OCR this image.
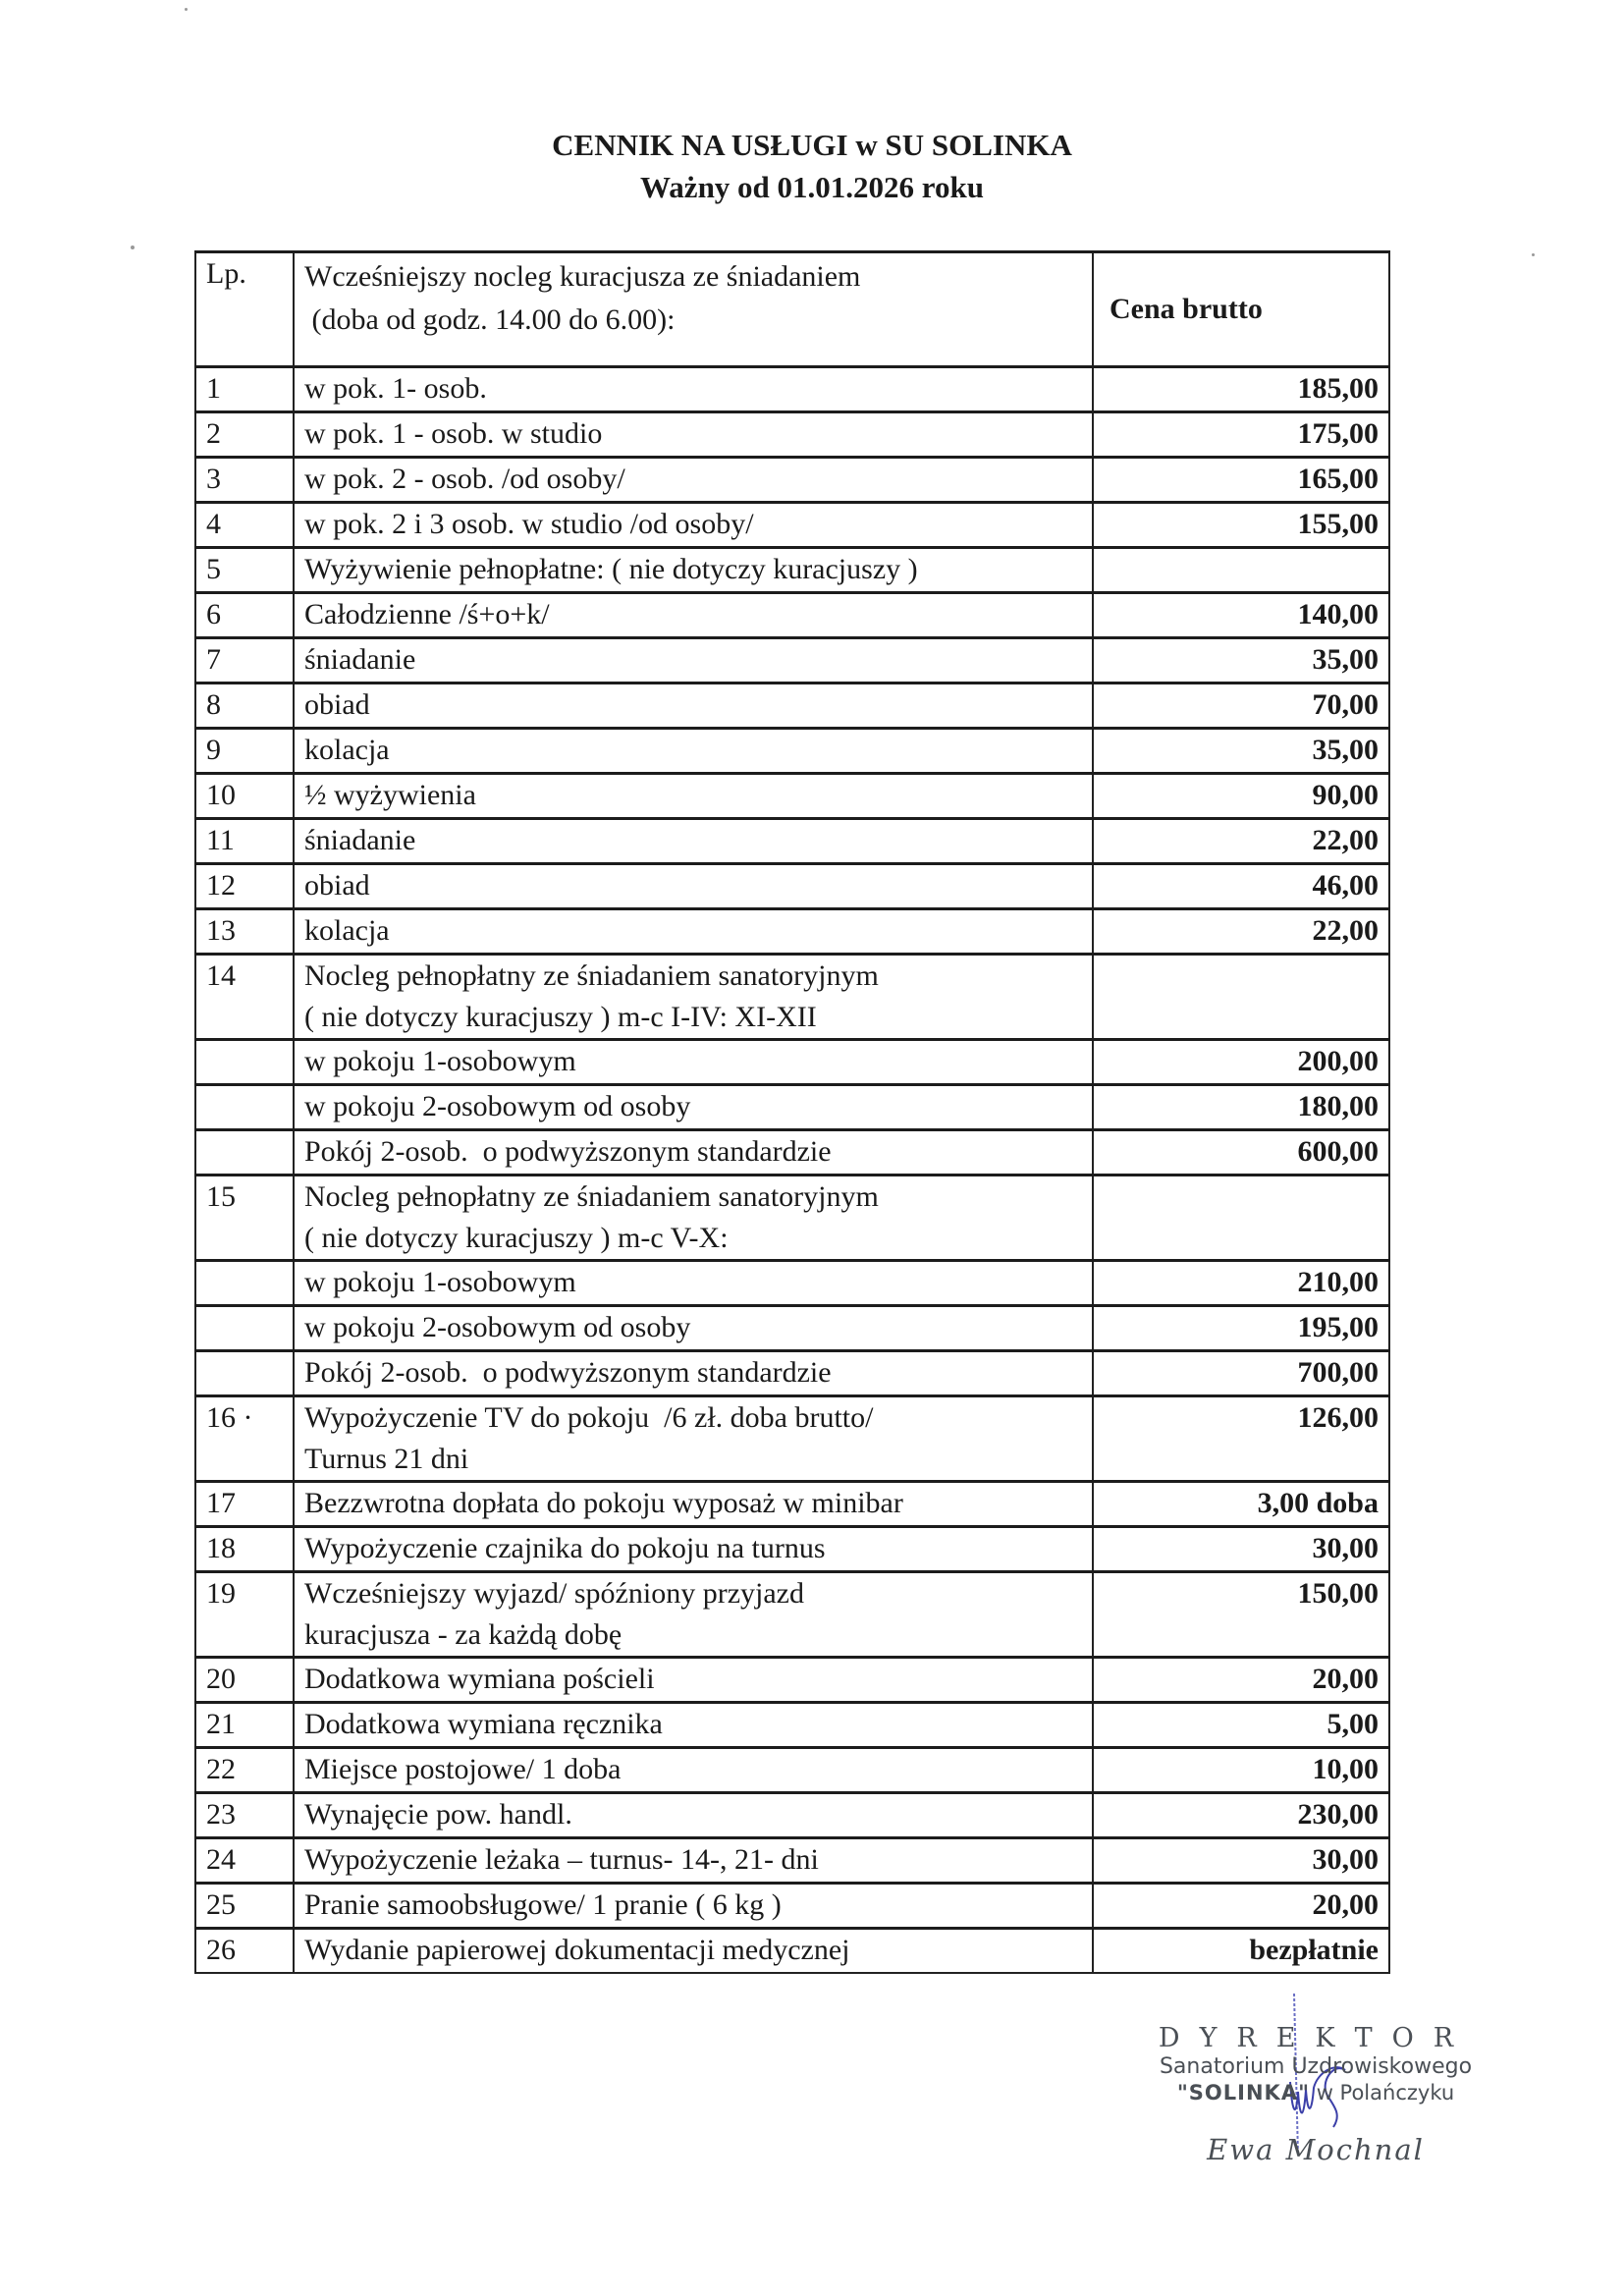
CENNIK NA USŁUGI w SU SOLINKA
Ważny od 01.01.2026 roku
Lp.	Wcześniejszy nocleg kuracjusza ze śniadaniem
(doba od godz. 14.00 do 6.00):	Cena brutto
1	w pok. 1- osob.	185,00
2	w pok. 1 - osob. w studio	175,00
3	w pok. 2 - osob. /od osoby/	165,00
4	w pok. 2 i 3 osob. w studio /od osoby/	155,00
5	Wyżywienie pełnopłatne: ( nie dotyczy kuracjuszy )	

6	Całodzienne /ś+o+k/	140,00
7	śniadanie	35,00
8	obiad	70,00
9	kolacja	35,00
10	½ wyżywienia	90,00
11	śniadanie	22,00
12	obiad	46,00
13	kolacja	22,00
14	Nocleg pełnopłatny ze śniadaniem sanatoryjnym
( nie dotyczy kuracjuszy ) m-c I-IV: XI-XII	

	w pokoju 1-osobowym	200,00

	w pokoju 2-osobowym od osoby	180,00

	Pokój 2-osob.  o podwyższonym standardzie	600,00
15	Nocleg pełnopłatny ze śniadaniem sanatoryjnym
( nie dotyczy kuracjuszy ) m-c V-X:	

	w pokoju 1-osobowym	210,00

	w pokoju 2-osobowym od osoby	195,00

	Pokój 2-osob.  o podwyższonym standardzie	700,00
16 ·	Wypożyczenie TV do pokoju  /6 zł. doba brutto/
Turnus 21 dni	126,00
17	Bezzwrotna dopłata do pokoju wyposaż w minibar	3,00 doba
18	Wypożyczenie czajnika do pokoju na turnus	30,00
19	Wcześniejszy wyjazd/ spóźniony przyjazd
kuracjusza - za każdą dobę	150,00
20	Dodatkowa wymiana pościeli	20,00
21	Dodatkowa wymiana ręcznika	5,00
22	Miejsce postojowe/ 1 doba	10,00
23	Wynajęcie pow. handl.	230,00
24	Wypożyczenie leżaka – turnus- 14-, 21- dni	30,00
25	Pranie samoobsługowe/ 1 pranie ( 6 kg )	20,00
26	Wydanie papierowej dokumentacji medycznej	bezpłatnie
DYREKTOR
Sanatorium Uzdrowiskowego
"SOLINKA" w Polańczyku
Ewa Mochnal
